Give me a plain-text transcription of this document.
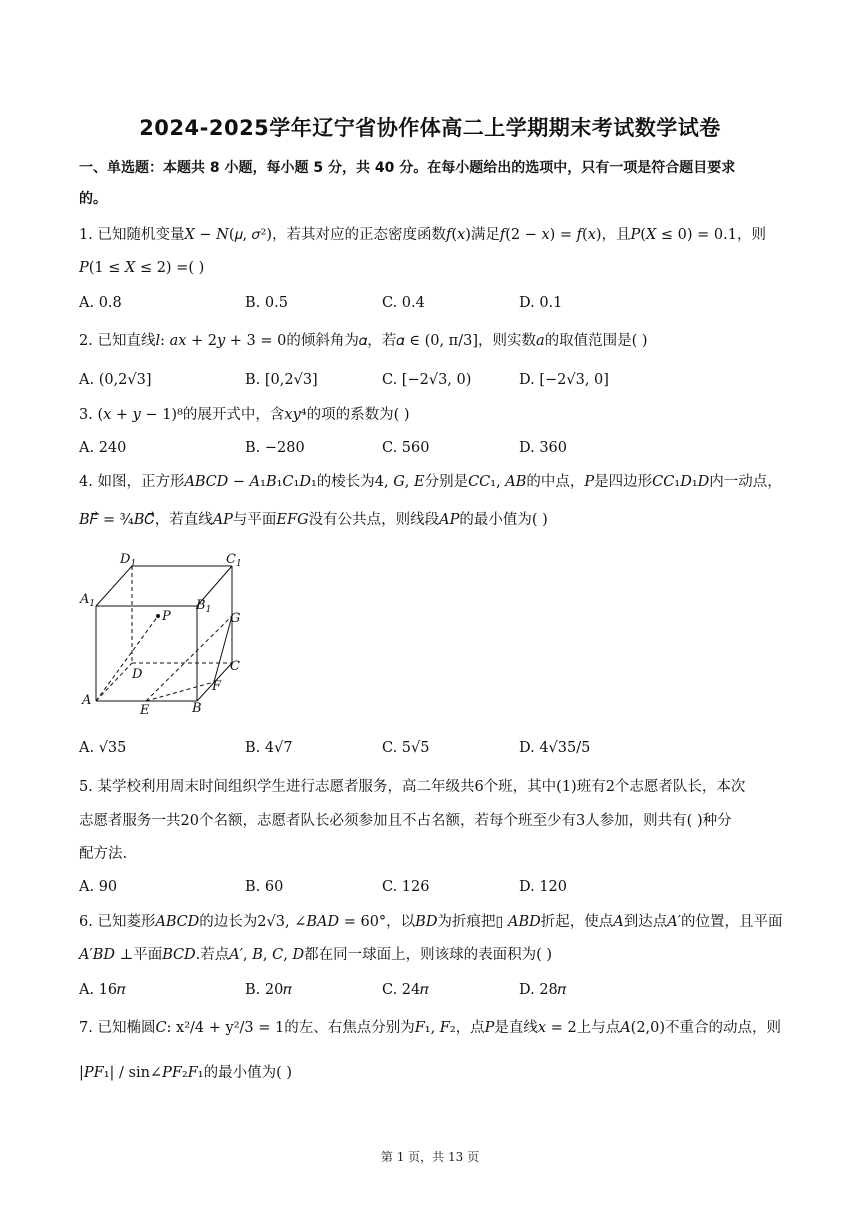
2024-2025学年辽宁省协作体高二上学期期末考试数学试卷
一、单选题：本题共 8 小题，每小题 5 分，共 40 分。在每小题给出的选项中，只有一项是符合题目要求
的。
1. 已知随机变量𝑋 − 𝑁(𝜇, 𝜎²)，若其对应的正态密度函数𝑓(𝑥)满足𝑓(2 − 𝑥) = 𝑓(𝑥)，且𝑃(𝑋 ≤ 0) = 0.1，则
𝑃(1 ≤ 𝑋 ≤ 2) =( )
A. 0.8	B. 0.5	C. 0.4	D. 0.1
2. 已知直线𝑙: 𝑎𝑥 + 2𝑦 + 3 = 0的倾斜角为𝛼，若𝛼 ∈ (0, π/3]，则实数𝑎的取值范围是( )
A. (0,2√3]	B. [0,2√3]	C. [−2√3, 0)	D. [−2√3, 0]
3. (𝑥 + 𝑦 − 1)⁸的展开式中，含𝑥𝑦⁴的项的系数为( )
A. 240	B. −280	C. 560	D. 360
4. 如图，正方形𝐴𝐵𝐶𝐷 − 𝐴₁𝐵₁𝐶₁𝐷₁的棱长为4, 𝐺, 𝐸分别是𝐶𝐶₁, 𝐴𝐵的中点，𝑃是四边形𝐶𝐶₁𝐷₁𝐷内一动点，
𝐵𝐹⃗ = ¾𝐵𝐶⃗，若直线𝐴𝑃与平面𝐸𝐹𝐺没有公共点，则线段𝐴𝑃的最小值为( )
$D_1$	$C_1$
$A_1$	$B_1$
P	G
C
D
F
A
E	B
A. √35	B. 4√7	C. 5√5	D. 4√35/5
5. 某学校利用周末时间组织学生进行志愿者服务，高二年级共6个班，其中(1)班有2个志愿者队长，本次
志愿者服务一共20个名额，志愿者队长必须参加且不占名额，若每个班至少有3人参加，则共有( )种分
配方法.
A. 90	B. 60	C. 126	D. 120
6. 已知菱形𝐴𝐵𝐶𝐷的边长为2√3, ∠𝐵𝐴𝐷 = 60°，以𝐵𝐷为折痕把▯ 𝐴𝐵𝐷折起，使点𝐴到达点𝐴′的位置，且平面
𝐴′𝐵𝐷 ⊥平面𝐵𝐶𝐷.若点𝐴′, 𝐵, 𝐶, 𝐷都在同一球面上，则该球的表面积为( )
A. 16𝜋	B. 20𝜋	C. 24𝜋	D. 28𝜋
7. 已知椭圆𝐶: x²/4 + y²/3 = 1的左、右焦点分别为𝐹₁, 𝐹₂，点𝑃是直线𝑥 = 2上与点𝐴(2,0)不重合的动点，则
|𝑃𝐹₁| / sin∠𝑃𝐹₂𝐹₁的最小值为( )
第 1 页，共 13 页
